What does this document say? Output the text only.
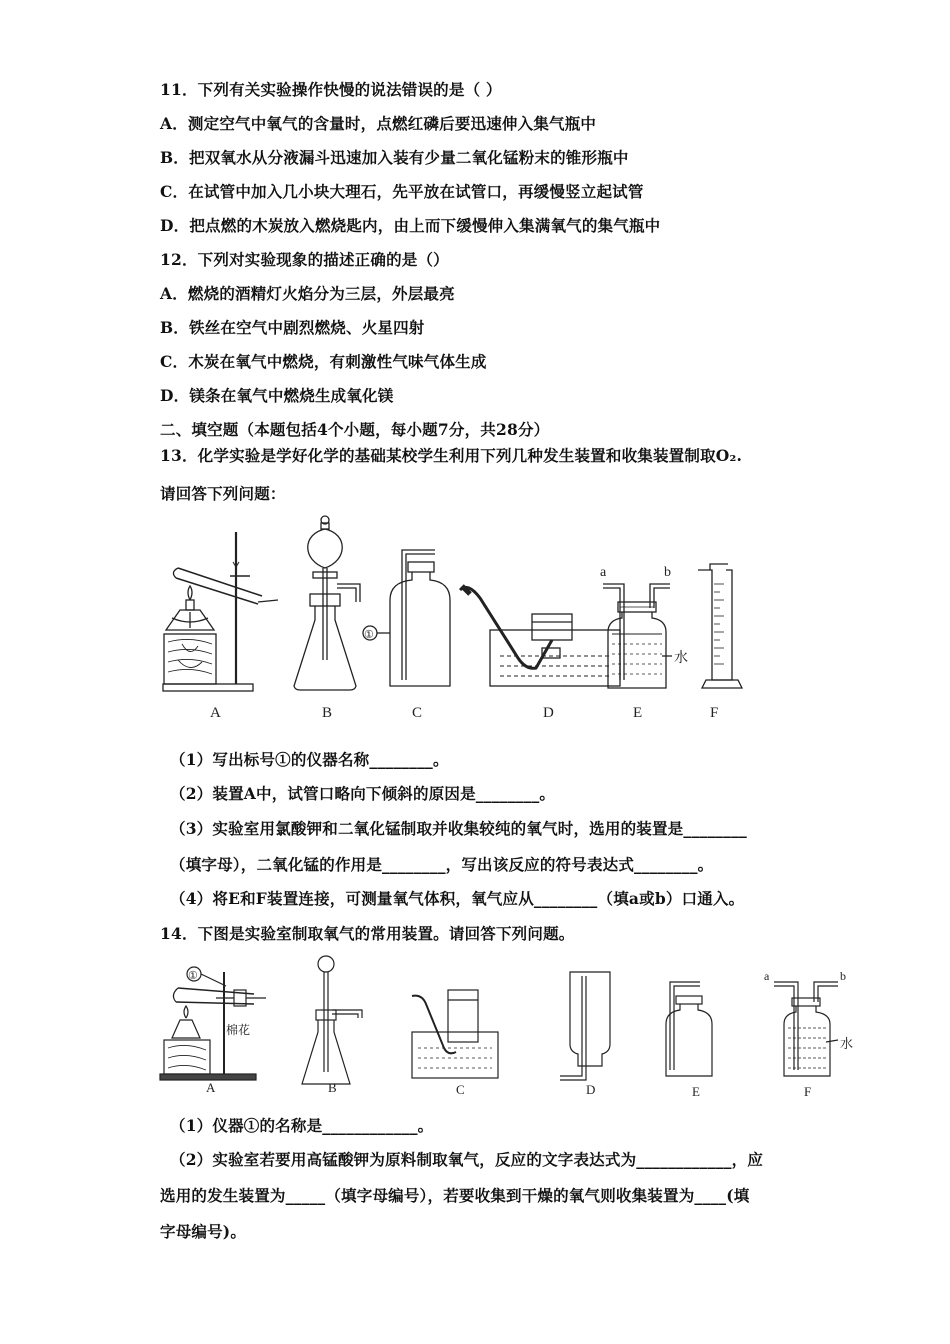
11．下列有关实验操作快慢的说法错误的是（ ）
A．测定空气中氧气的含量时，点燃红磷后要迅速伸入集气瓶中
B．把双氧水从分液漏斗迅速加入装有少量二氧化锰粉末的锥形瓶中
C．在试管中加入几小块大理石，先平放在试管口，再缓慢竖立起试管
D．把点燃的木炭放入燃烧匙内，由上而下缓慢伸入集满氧气的集气瓶中
12．下列对实验现象的描述正确的是（）
A．燃烧的酒精灯火焰分为三层，外层最亮
B．铁丝在空气中剧烈燃烧、火星四射
C．木炭在氧气中燃烧，有刺激性气味气体生成
D．镁条在氧气中燃烧生成氧化镁
二、填空题（本题包括4个小题，每小题7分，共28分）
13．化学实验是学好化学的基础某校学生利用下列几种发生装置和收集装置制取O₂.
请回答下列问题：
①
a	b
水
A	B	C	D	E	F
（1）写出标号①的仪器名称________。
（2）装置A中，试管口略向下倾斜的原因是________。
（3）实验室用氯酸钾和二氧化锰制取并收集较纯的氧气时，选用的装置是________
（填字母），二氧化锰的作用是________，写出该反应的符号表达式________。
（4）将E和F装置连接，可测量氧气体积，氧气应从________（填a或b）口通入。
14．下图是实验室制取氧气的常用装置。请回答下列问题。
①
棉花
a	b
水
A	B	C	D	E	F
（1）仪器①的名称是____________。
（2）实验室若要用高锰酸钾为原料制取氧气，反应的文字表达式为____________，应
选用的发生装置为_____（填字母编号），若要收集到干燥的氧气则收集装置为____(填
字母编号)。
